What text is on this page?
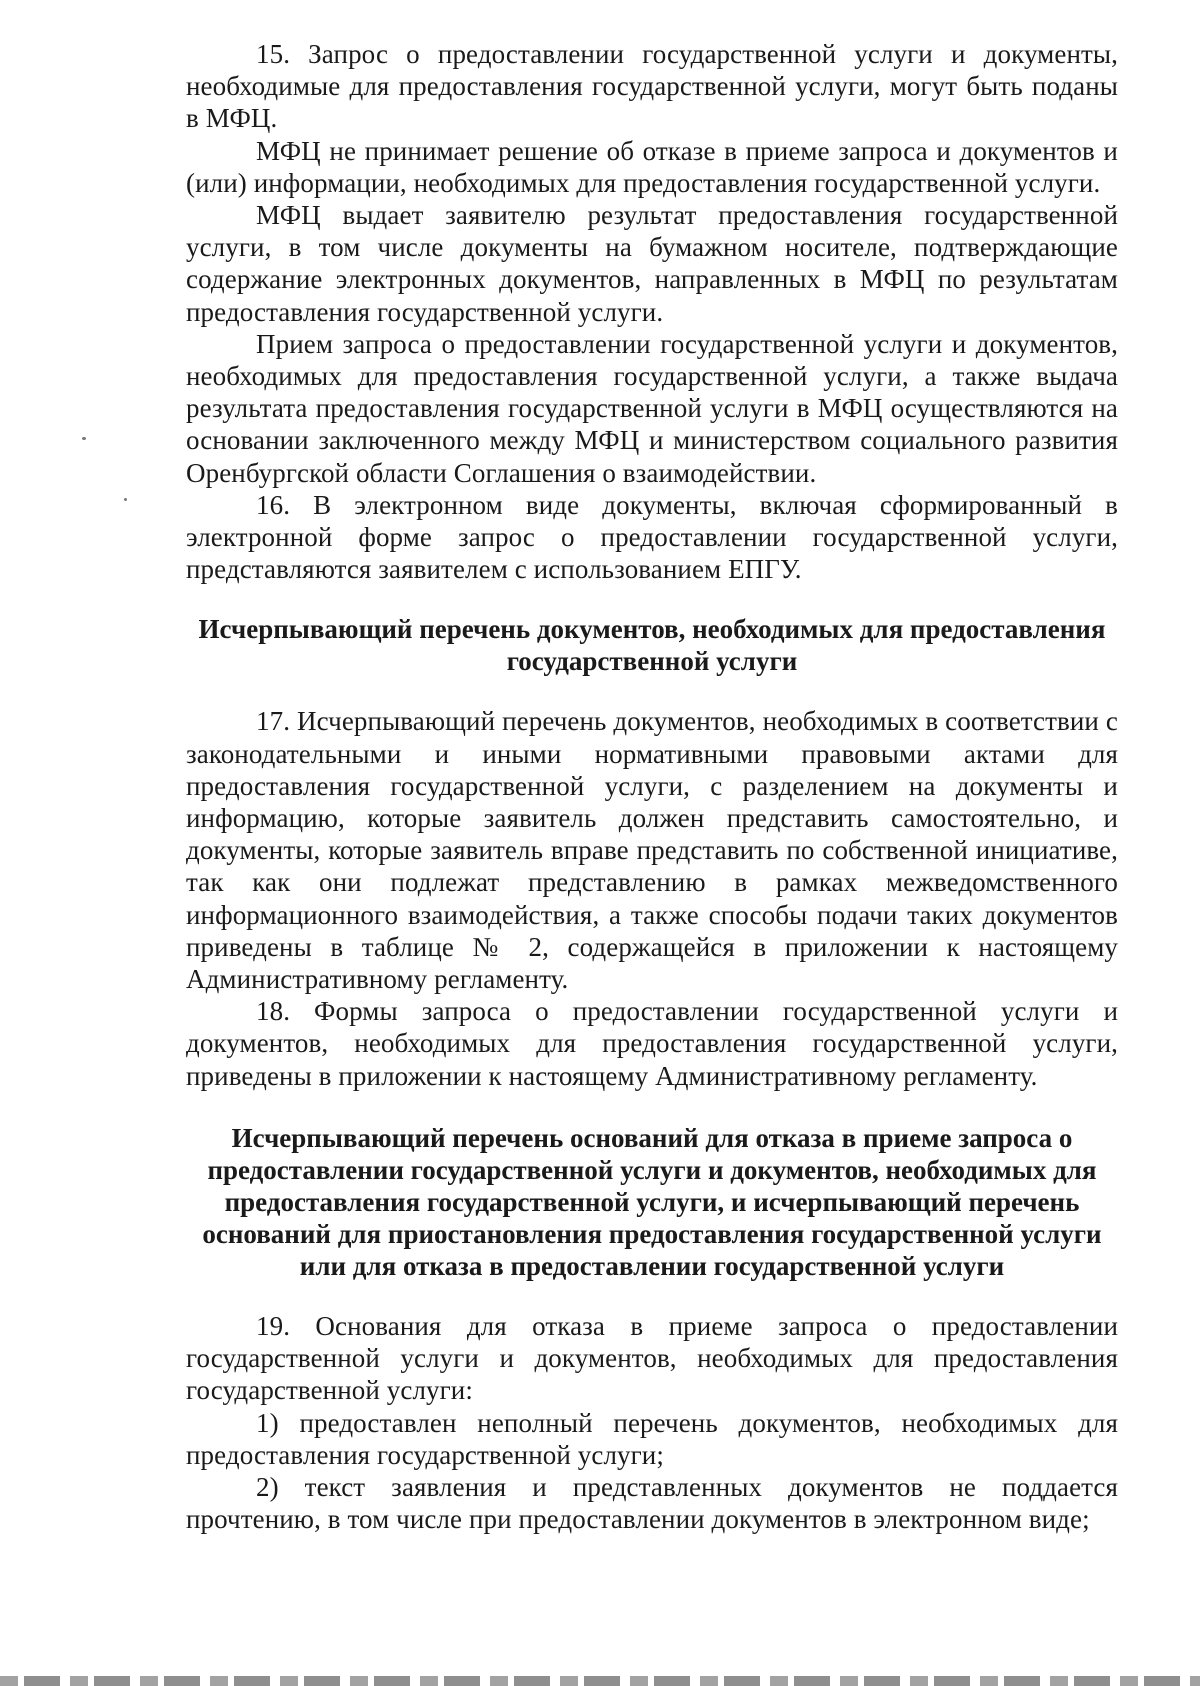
15. Запрос о предоставлении государственной услуги и документы, необходимые для предоставления государственной услуги, могут быть поданы в МФЦ.

МФЦ не принимает решение об отказе в приеме запроса и документов и (или) информации, необходимых для предоставления государственной услуги.

МФЦ выдает заявителю результат предоставления государственной услуги, в том числе документы на бумажном носителе, подтверждающие содержание электронных документов, направленных в МФЦ по результатам предоставления государственной услуги.

Прием запроса о предоставлении государственной услуги и документов, необходимых для предоставления государственной услуги, а также выдача результата предоставления государственной услуги в МФЦ осуществляются на основании заключенного между МФЦ и министерством социального развития Оренбургской области Соглашения о взаимодействии.

16. В электронном виде документы, включая сформированный в электронной форме запрос о предоставлении государственной услуги, представляются заявителем с использованием ЕПГУ.

Исчерпывающий перечень документов, необходимых для предоставления государственной услуги

17. Исчерпывающий перечень документов, необходимых в соответствии с законодательными и иными нормативными правовыми актами для предоставления государственной услуги, с разделением на документы и информацию, которые заявитель должен представить самостоятельно, и документы, которые заявитель вправе представить по собственной инициативе, так как они подлежат представлению в рамках межведомственного информационного взаимодействия, а также способы подачи таких документов приведены в таблице № 2, содержащейся в приложении к настоящему Административному регламенту.

18. Формы запроса о предоставлении государственной услуги и документов, необходимых для предоставления государственной услуги, приведены в приложении к настоящему Административному регламенту.

Исчерпывающий перечень оснований для отказа в приеме запроса о предоставлении государственной услуги и документов, необходимых для предоставления государственной услуги, и исчерпывающий перечень оснований для приостановления предоставления государственной услуги или для отказа в предоставлении государственной услуги

19. Основания для отказа в приеме запроса о предоставлении государственной услуги и документов, необходимых для предоставления государственной услуги:

1) предоставлен неполный перечень документов, необходимых для предоставления государственной услуги;

2) текст заявления и представленных документов не поддается прочтению, в том числе при предоставлении документов в электронном виде;
